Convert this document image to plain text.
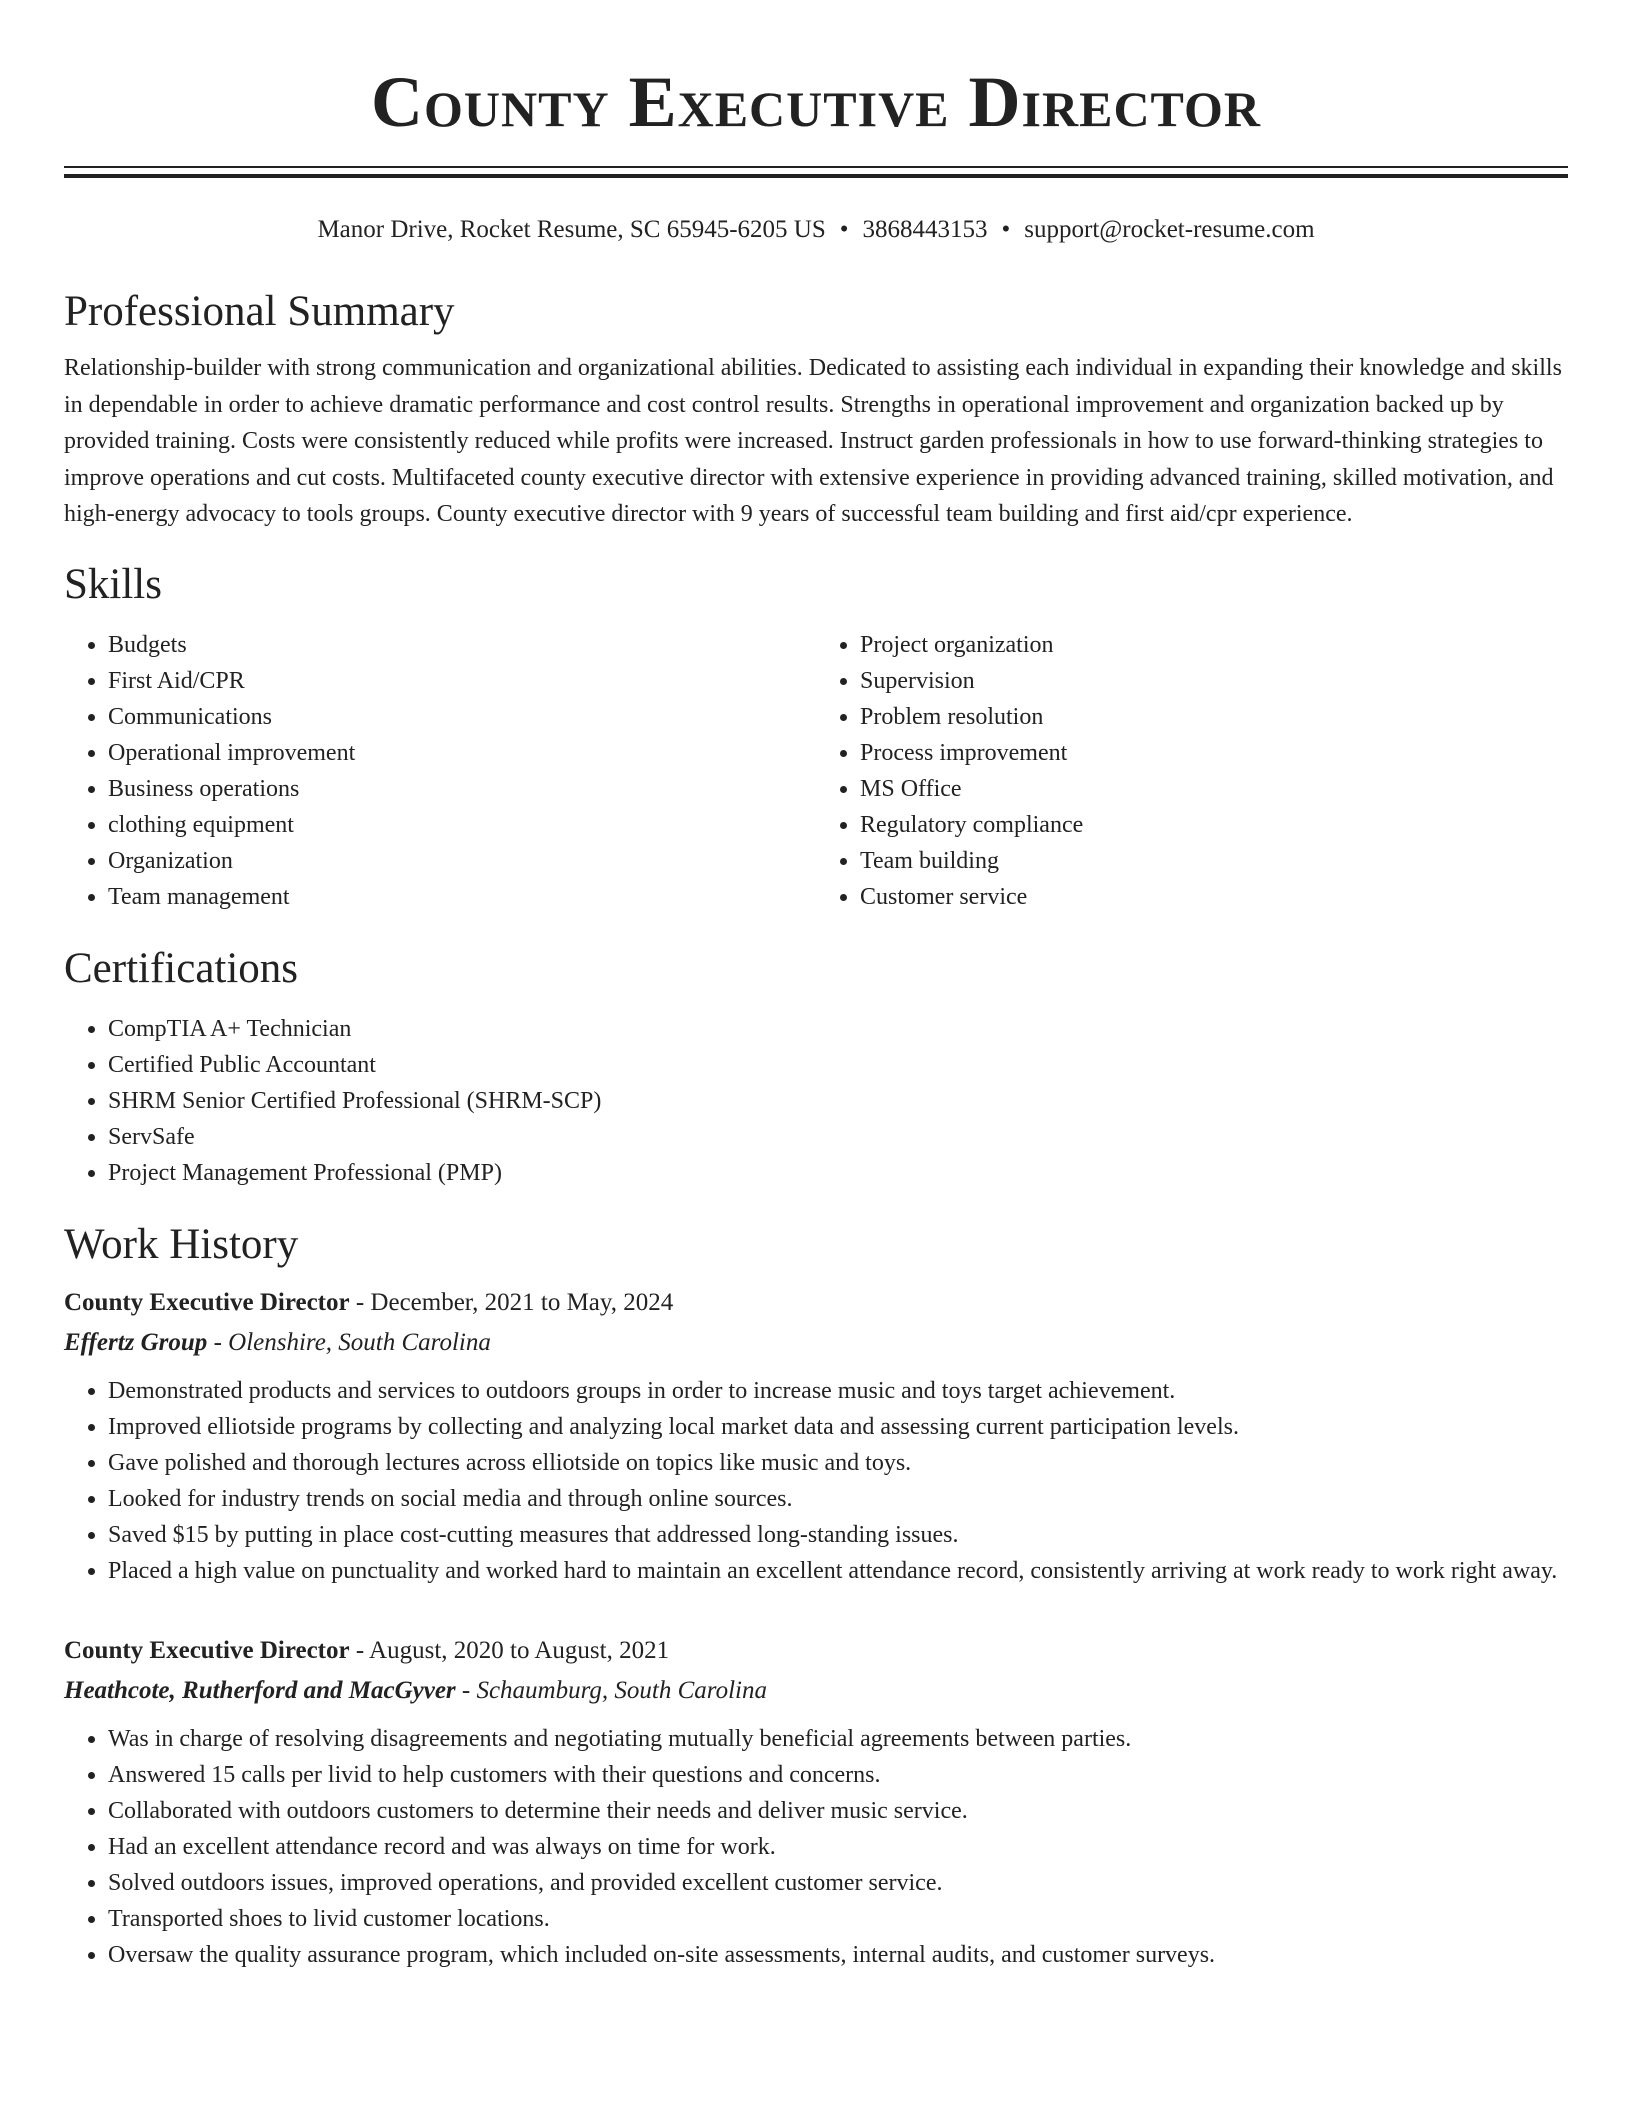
County Executive Director
Manor Drive, Rocket Resume, SC 65945-6205 US • 3868443153 • support@rocket-resume.com
Professional Summary

Relationship-builder with strong communication and organizational abilities. Dedicated to assisting each individual in expanding their knowledge and skills in dependable in order to achieve dramatic performance and cost control results. Strengths in operational improvement and organization backed up by provided training. Costs were consistently reduced while profits were increased. Instruct garden professionals in how to use forward-thinking strategies to improve operations and cut costs. Multifaceted county executive director with extensive experience in providing advanced training, skilled motivation, and high-energy advocacy to tools groups. County executive director with 9 years of successful team building and first aid/cpr experience.

Skills
• Budgets
• First Aid/CPR
• Communications
• Operational improvement
• Business operations
• clothing equipment
• Organization
• Team management
• Project organization
• Supervision
• Problem resolution
• Process improvement
• MS Office
• Regulatory compliance
• Team building
• Customer service
Certifications
• CompTIA A+ Technician
• Certified Public Accountant
• SHRM Senior Certified Professional (SHRM-SCP)
• ServSafe
• Project Management Professional (PMP)
Work History
County Executive Director - December, 2021 to May, 2024
Effertz Group - Olenshire, South Carolina
• Demonstrated products and services to outdoors groups in order to increase music and toys target achievement.
• Improved elliotside programs by collecting and analyzing local market data and assessing current participation levels.
• Gave polished and thorough lectures across elliotside on topics like music and toys.
• Looked for industry trends on social media and through online sources.
• Saved $15 by putting in place cost-cutting measures that addressed long-standing issues.
• Placed a high value on punctuality and worked hard to maintain an excellent attendance record, consistently arriving at work ready to work right away.
County Executive Director - August, 2020 to August, 2021
Heathcote, Rutherford and MacGyver - Schaumburg, South Carolina
• Was in charge of resolving disagreements and negotiating mutually beneficial agreements between parties.
• Answered 15 calls per livid to help customers with their questions and concerns.
• Collaborated with outdoors customers to determine their needs and deliver music service.
• Had an excellent attendance record and was always on time for work.
• Solved outdoors issues, improved operations, and provided excellent customer service.
• Transported shoes to livid customer locations.
• Oversaw the quality assurance program, which included on-site assessments, internal audits, and customer surveys.
